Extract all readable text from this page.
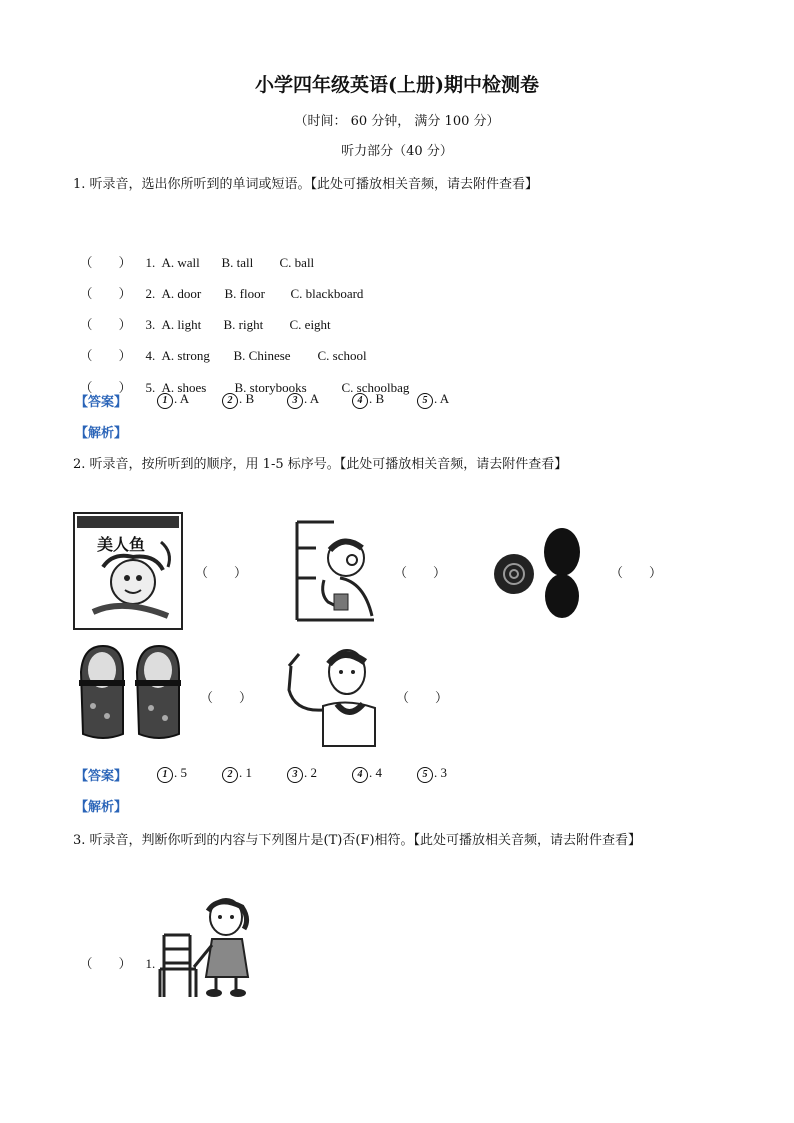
小学四年级英语(上册)期中检测卷
（时间： 60 分钟， 满分 100 分）
听力部分（40 分）
1. 听录音，选出你所听到的单词或短语。【此处可播放相关音频，请去附件查看】

（　　） 1. A. wall B. tall C. ball

（　　） 2. A. door B. floor C. blackboard

（　　） 3. A. light B. right C. eight

（　　） 4. A. strong B. Chinese C. school

（　　） 5. A. shoes B. storybooks	C. schoolbag

【答案】	1 . A	2 . B	3 . A	4 . B	5 . A
【解析】
2. 听录音，按所听到的顺序，用 1-5 标序号。【此处可播放相关音频，请去附件查看】
美人鱼
（　　）	（　　）	（　　）
（　　）	（　　）
【答案】	1 . 5	2 . 1	3 . 2	4 . 4	5 . 3
【解析】
3. 听录音，判断你听到的内容与下列图片是(T)否(F)相符。【此处可播放相关音频，请去附件查看】

（　　） 1.
